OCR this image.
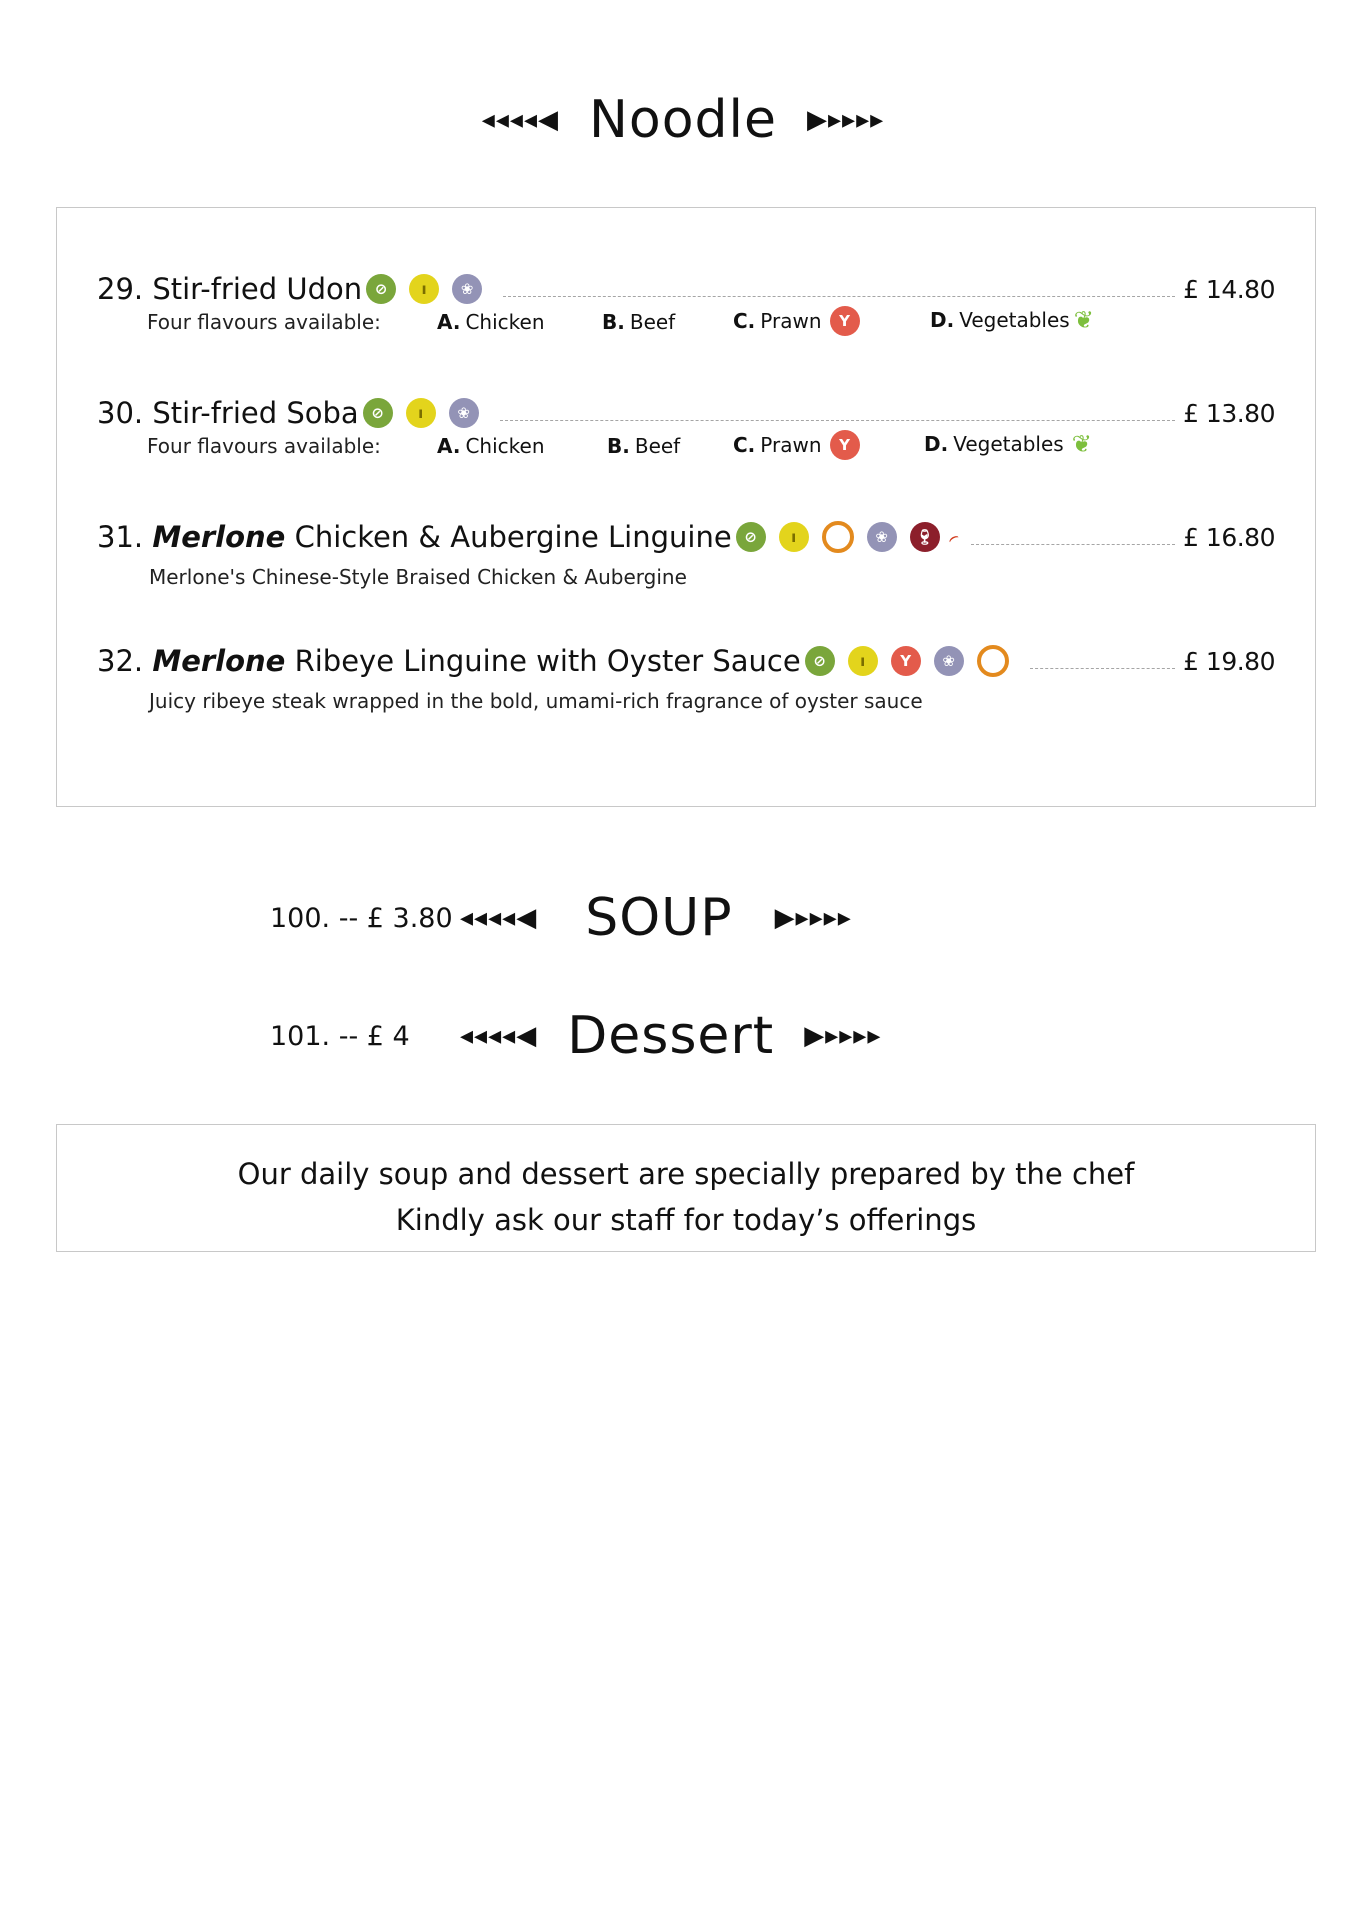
◂◂◂◂◀ Noodle ▶▸▸▸▸
29. Stir-fried Udon ⊘	ı	❀	£ 14.80
Four flavours available:	A. Chicken	B. Beef	C. Prawn	Y	D. Vegetables ❦
30. Stir-fried Soba ⊘	ı	❀	£ 13.80
Four flavours available:	A. Chicken	B. Beef	C. Prawn	Y	D. Vegetables ❦
31. Merlone Chicken & Aubergine Linguine ⊘	ı	❀	🍷︎ ⌢	£ 16.80
Merlone's Chinese-Style Braised Chicken & Aubergine
32. Merlone Ribeye Linguine with Oyster Sauce ⊘	ı	Y	❀	£ 19.80
Juicy ribeye steak wrapped in the bold, umami-rich fragrance of oyster sauce
100. -- £ 3.80 ◂◂◂◂◀ SOUP ▶▸▸▸▸
101. -- £ 4	◂◂◂◂◀ Dessert ▶▸▸▸▸
Our daily soup and dessert are specially prepared by the chef
Kindly ask our staff for today’s offerings
